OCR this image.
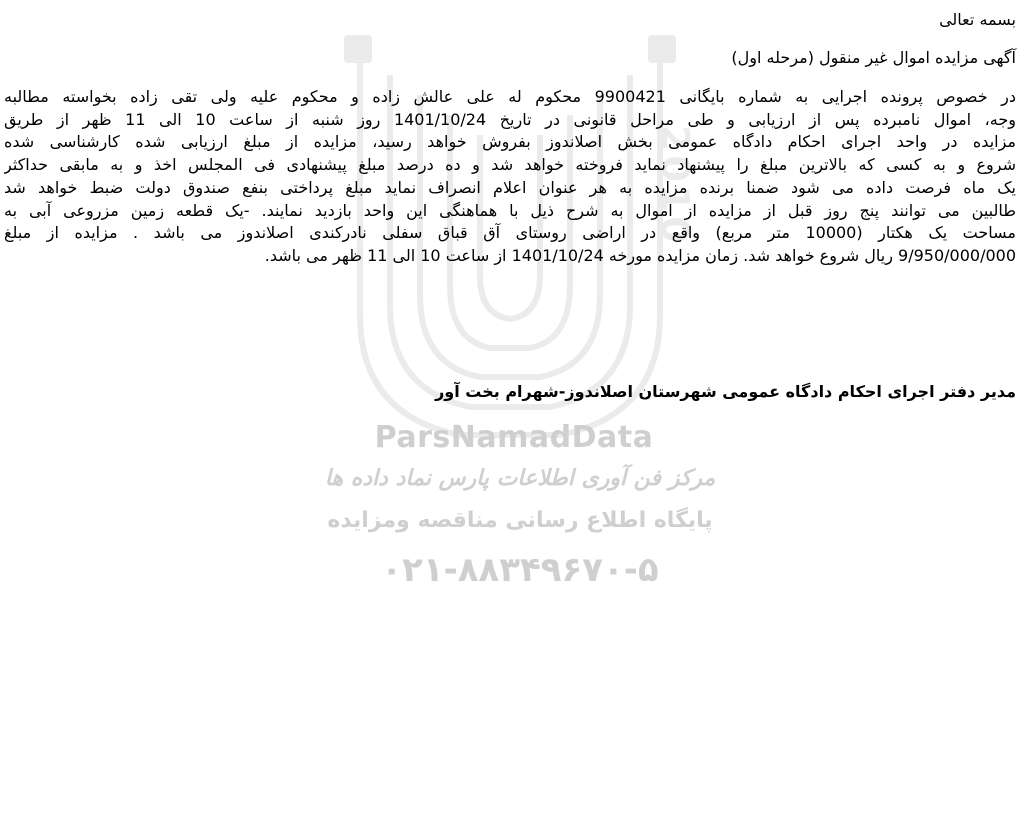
2010
ParsNamadData
مرکز فن آوری اطلاعات پارس نماد داده ها
پایگاه اطلاع رسانی مناقصه ومزایده
۰۲۱-۸۸۳۴۹۶۷۰-۵
بسمه تعالی
آگهی مزایده اموال غیر منقول (مرحله اول)
در خصوص پرونده اجرایی به شماره بایگانی 9900421 محکوم له علی عالش زاده و محکوم علیه ولی تقی زاده بخواسته مطالبه
وجه، اموال نامبرده پس از ارزیابی و طی مراحل قانونی در تاریخ 1401/10/24 روز شنبه از ساعت 10 الی 11 ظهر از طریق
مزایده در واحد اجرای احکام دادگاه عمومی بخش اصلاندوز بفروش خواهد رسید، مزایده از مبلغ ارزیابی شده کارشناسی شده
شروع و به کسی که بالاترین مبلغ را پیشنهاد نماید فروخته خواهد شد و ده درصد مبلغ پیشنهادی فی المجلس اخذ و به مابقی حداکثر
یک ماه فرصت داده می شود ضمنا برنده مزایده به هر عنوان اعلام انصراف نماید مبلغ پرداختی بنفع صندوق دولت ضبط خواهد شد
طالبین می توانند پنج روز قبل از مزایده از اموال به شرح ذیل با هماهنگی این واحد بازدید نمایند. -یک قطعه زمین مزروعی آبی به
مساحت یک هکتار (10000 متر مربع) واقع در اراضی روستای آق قباق سفلی نادرکندی اصلاندوز می باشد . مزایده از مبلغ
9/950/000/000 ریال شروع خواهد شد. زمان مزایده مورخه 1401/10/24 از ساعت 10 الی 11 ظهر می باشد.
مدیر دفتر اجرای احکام دادگاه عمومی شهرستان اصلاندوز-شهرام بخت آور
